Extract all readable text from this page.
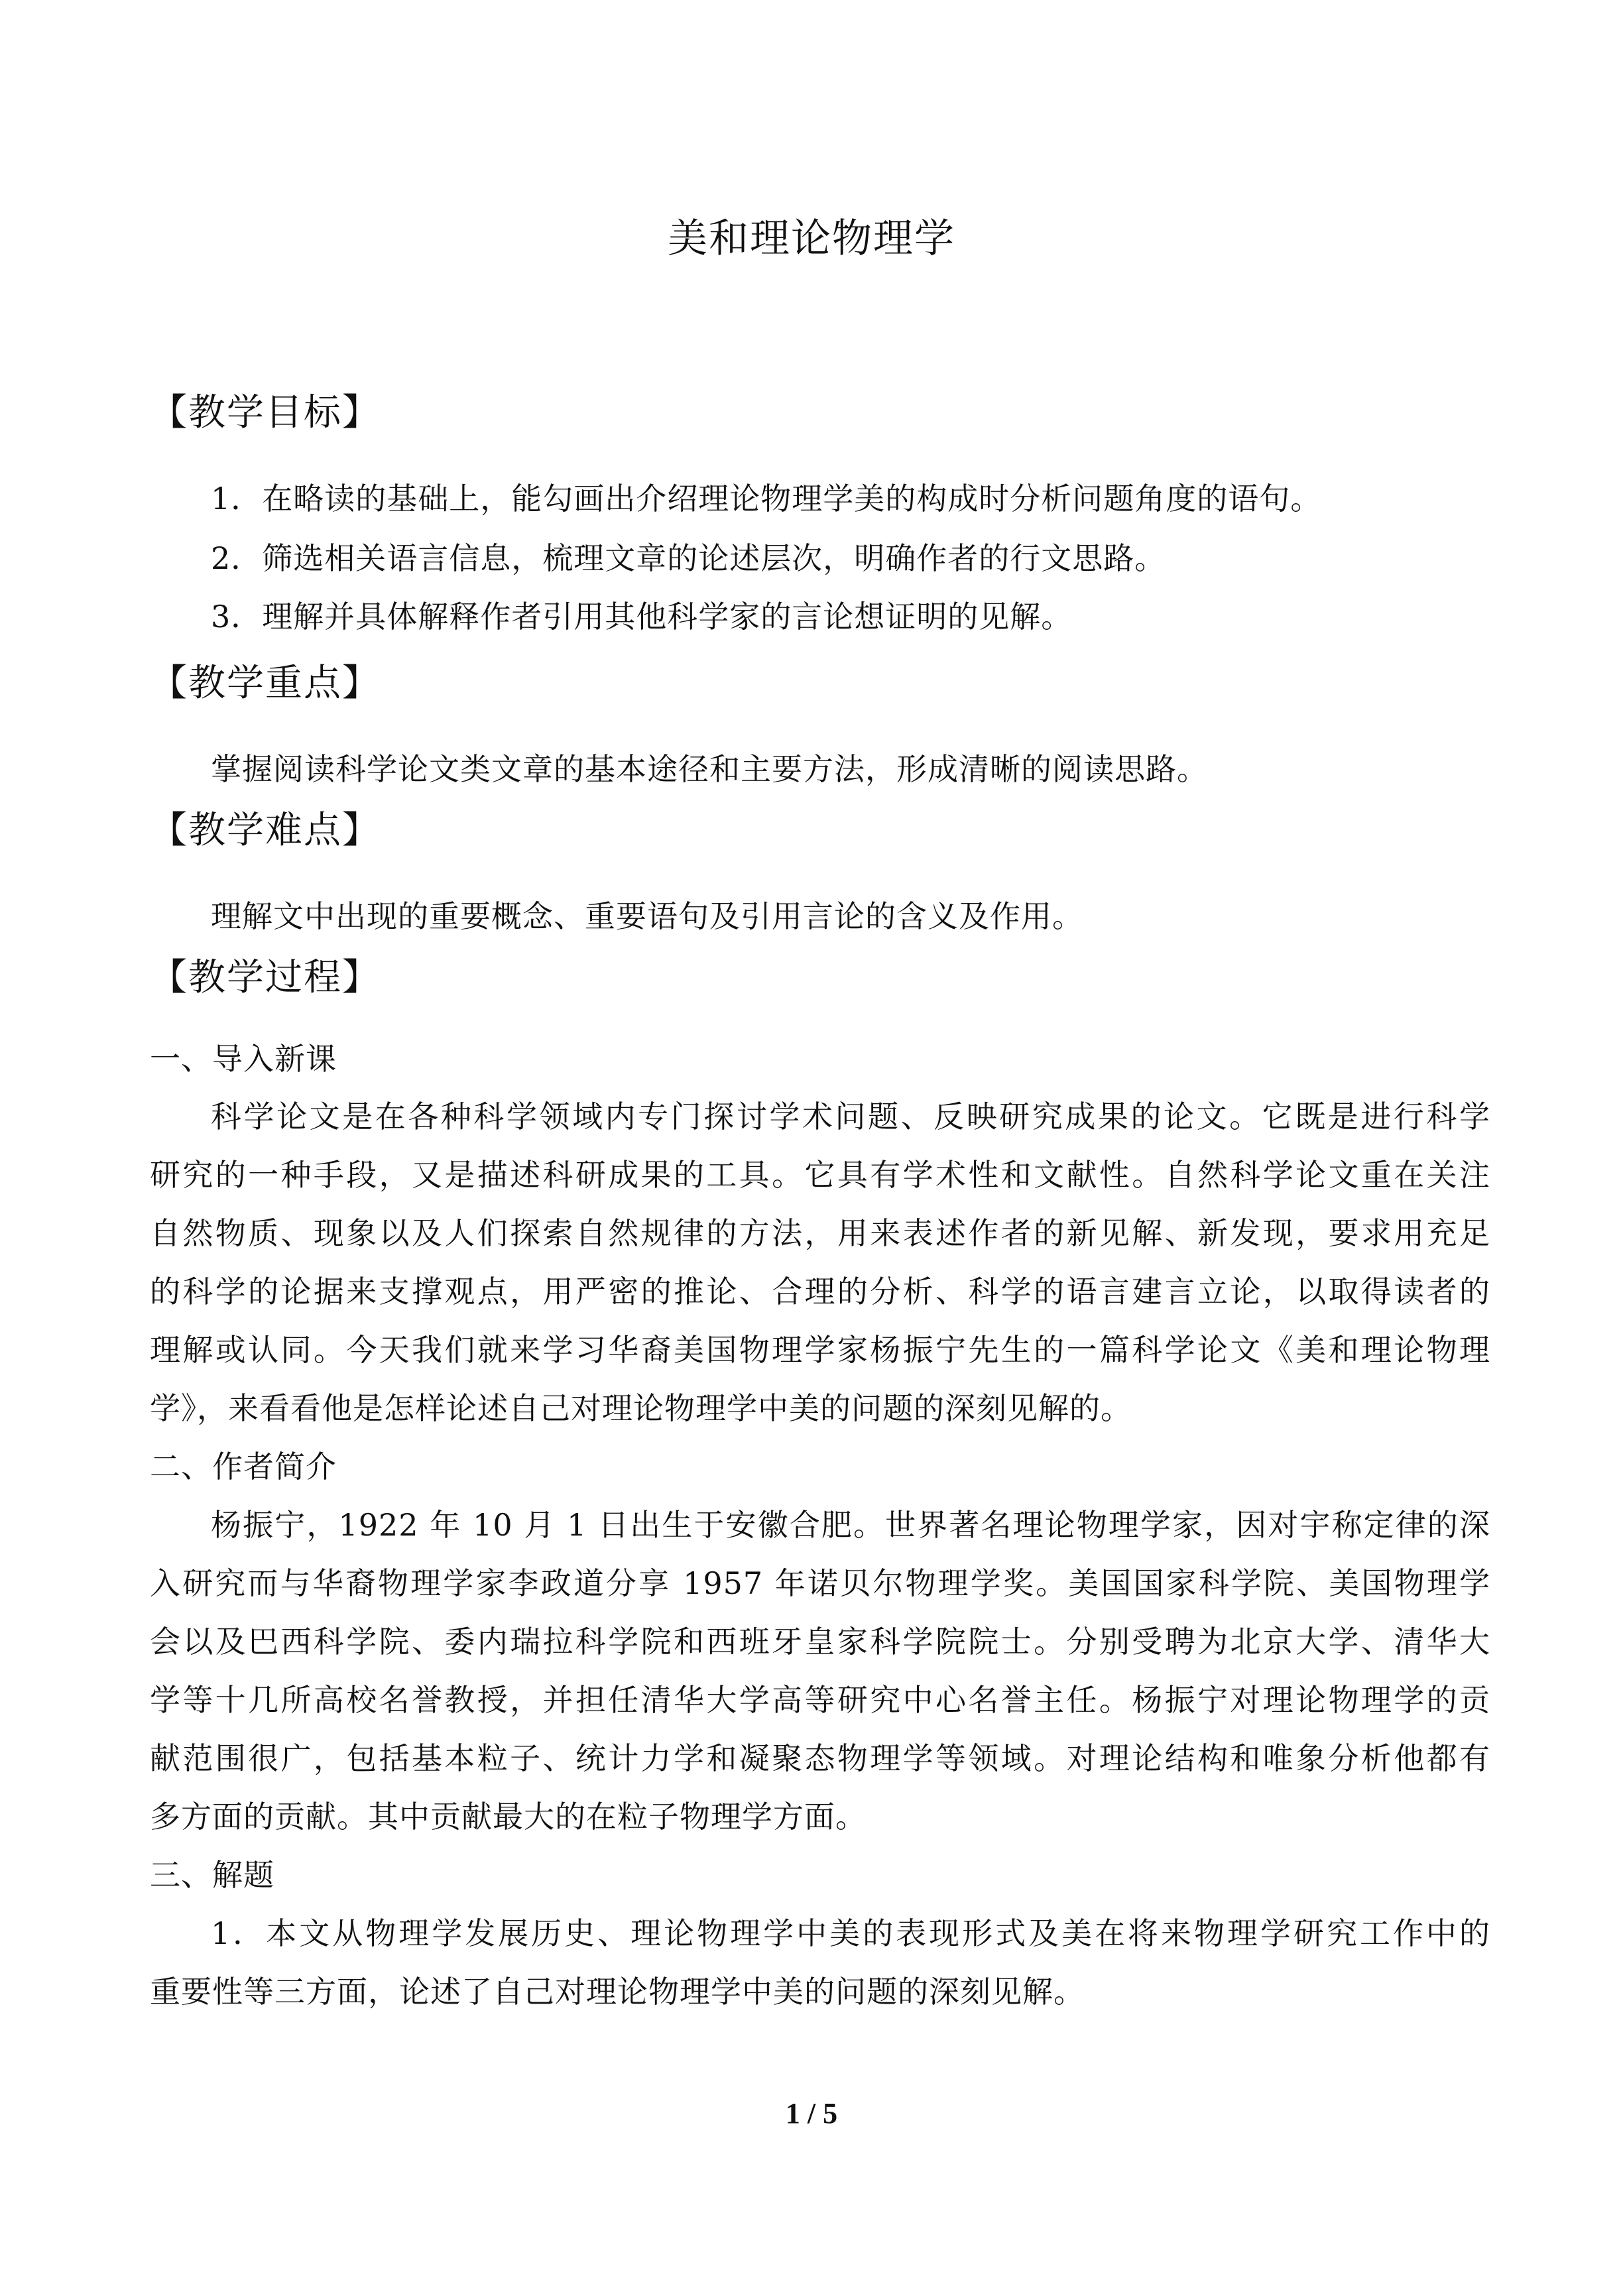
美和理论物理学
【教学目标】
1．在略读的基础上，能勾画出介绍理论物理学美的构成时分析问题角度的语句。
2．筛选相关语言信息，梳理文章的论述层次，明确作者的行文思路。
3．理解并具体解释作者引用其他科学家的言论想证明的见解。
【教学重点】
掌握阅读科学论文类文章的基本途径和主要方法，形成清晰的阅读思路。
【教学难点】
理解文中出现的重要概念、重要语句及引用言论的含义及作用。
【教学过程】
一、导入新课
科学论文是在各种科学领域内专门探讨学术问题、反映研究成果的论文。它既是进行科学
研究的一种手段，又是描述科研成果的工具。它具有学术性和文献性。自然科学论文重在关注
自然物质、现象以及人们探索自然规律的方法，用来表述作者的新见解、新发现，要求用充足
的科学的论据来支撑观点，用严密的推论、合理的分析、科学的语言建言立论，以取得读者的
理解或认同。今天我们就来学习华裔美国物理学家杨振宁先生的一篇科学论文《美和理论物理
学》，来看看他是怎样论述自己对理论物理学中美的问题的深刻见解的。
二、作者简介
杨振宁，1922 年 10 月 1 日出生于安徽合肥。世界著名理论物理学家，因对宇称定律的深
入研究而与华裔物理学家李政道分享 1957 年诺贝尔物理学奖。美国国家科学院、美国物理学
会以及巴西科学院、委内瑞拉科学院和西班牙皇家科学院院士。分别受聘为北京大学、清华大
学等十几所高校名誉教授，并担任清华大学高等研究中心名誉主任。杨振宁对理论物理学的贡
献范围很广，包括基本粒子、统计力学和凝聚态物理学等领域。对理论结构和唯象分析他都有
多方面的贡献。其中贡献最大的在粒子物理学方面。
三、解题
1．本文从物理学发展历史、理论物理学中美的表现形式及美在将来物理学研究工作中的
重要性等三方面，论述了自己对理论物理学中美的问题的深刻见解。
1 / 5
